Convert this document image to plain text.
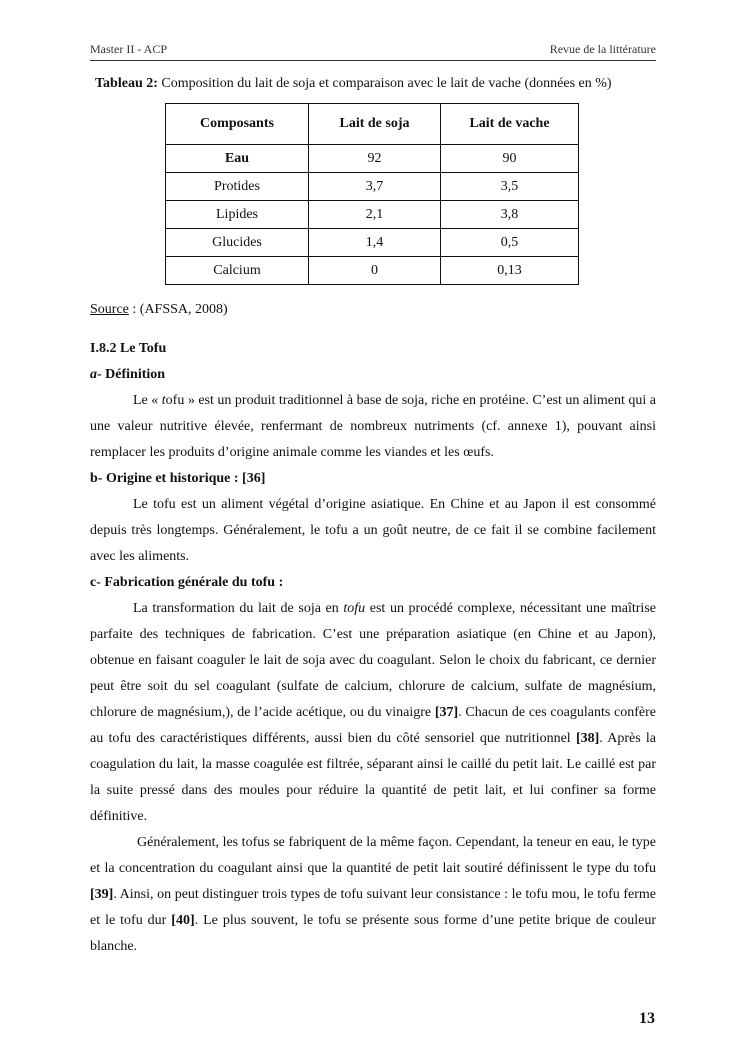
Master II - ACP	Revue de la littérature
Tableau 2: Composition du lait de soja et comparaison avec le lait de vache (données en %)
Composants	Lait de soja	Lait de vache
Eau	92	90
Protides	3,7	3,5
Lipides	2,1	3,8
Glucides	1,4	0,5
Calcium	0	0,13
Source : (AFSSA, 2008)
I.8.2 Le Tofu
a- Définition

Le « tofu » est un produit traditionnel à base de soja, riche en protéine. C’est un aliment qui a une valeur nutritive élevée, renfermant de nombreux nutriments (cf. annexe 1), pouvant ainsi remplacer les produits d’origine animale comme les viandes et les œufs.

b- Origine et historique : [36]

Le tofu est un aliment végétal d’origine asiatique. En Chine et au Japon il est consommé depuis très longtemps. Généralement, le tofu a un goût neutre, de ce fait il se combine facilement avec les aliments.

c- Fabrication générale du tofu :

La transformation du lait de soja en tofu est un procédé complexe, nécessitant une maîtrise parfaite des techniques de fabrication. C’est une préparation asiatique (en Chine et au Japon), obtenue en faisant coaguler le lait de soja avec du coagulant. Selon le choix du fabricant, ce dernier peut être soit du sel coagulant (sulfate de calcium, chlorure de calcium, sulfate de magnésium, chlorure de magnésium,), de l’acide acétique, ou du vinaigre [37]. Chacun de ces coagulants confère au tofu des caractéristiques différents, aussi bien du côté sensoriel que nutritionnel [38]. Après la coagulation du lait, la masse coagulée est filtrée, séparant ainsi le caillé du petit lait. Le caillé est par la suite pressé dans des moules pour réduire la quantité de petit lait, et lui confiner sa forme définitive.

Généralement, les tofus se fabriquent de la même façon. Cependant, la teneur en eau, le type et la concentration du coagulant ainsi que la quantité de petit lait soutiré définissent le type du tofu [39]. Ainsi, on peut distinguer trois types de tofu suivant leur consistance : le tofu mou, le tofu ferme et le tofu dur [40]. Le plus souvent, le tofu se présente sous forme d’une petite brique de couleur blanche.

13
